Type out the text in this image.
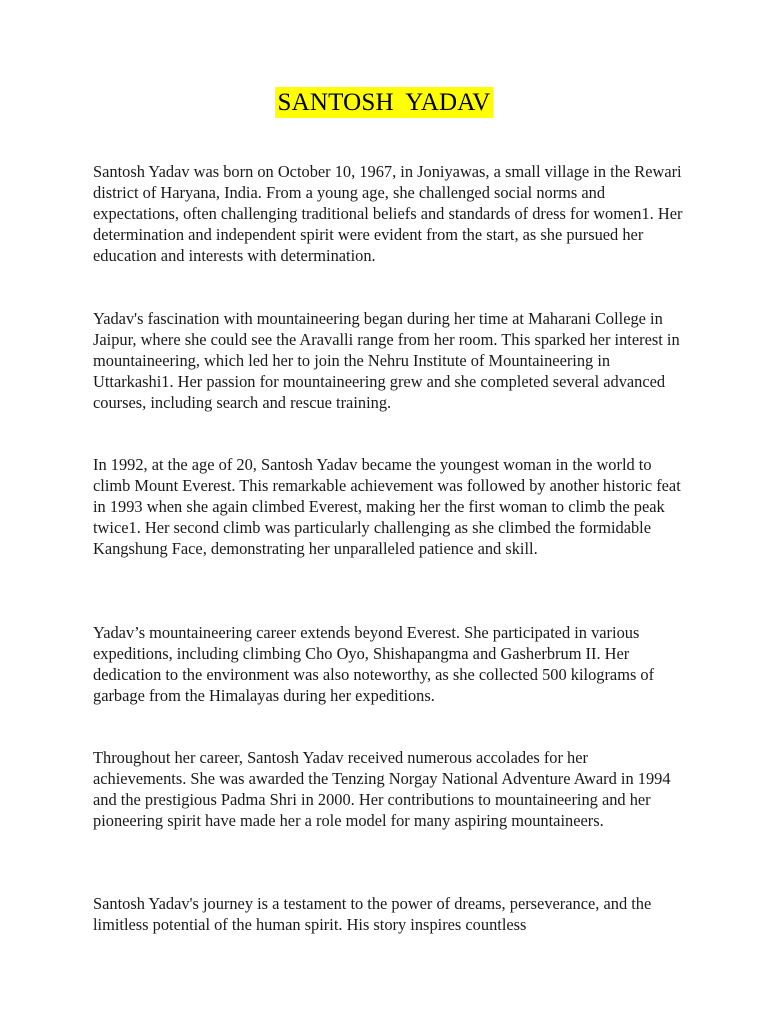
SANTOSH YADAV

Santosh Yadav was born on October 10, 1967, in Joniyawas, a small village in the Rewari district of Haryana, India. From a young age, she challenged social norms and expectations, often challenging traditional beliefs and standards of dress for women1. Her determination and independent spirit were evident from the start, as she pursued her education and interests with determination.

Yadav's fascination with mountaineering began during her time at Maharani College in Jaipur, where she could see the Aravalli range from her room. This sparked her interest in mountaineering, which led her to join the Nehru Institute of Mountaineering in Uttarkashi1. Her passion for mountaineering grew and she completed several advanced courses, including search and rescue training.

In 1992, at the age of 20, Santosh Yadav became the youngest woman in the world to climb Mount Everest. This remarkable achievement was followed by another historic feat in 1993 when she again climbed Everest, making her the first woman to climb the peak twice1. Her second climb was particularly challenging as she climbed the formidable Kangshung Face, demonstrating her unparalleled patience and skill.

Yadav’s mountaineering career extends beyond Everest. She participated in various expeditions, including climbing Cho Oyo, Shishapangma and Gasherbrum II. Her dedication to the environment was also noteworthy, as she collected 500 kilograms of garbage from the Himalayas during her expeditions.

Throughout her career, Santosh Yadav received numerous accolades for her achievements. She was awarded the Tenzing Norgay National Adventure Award in 1994 and the prestigious Padma Shri in 2000. Her contributions to mountaineering and her pioneering spirit have made her a role model for many aspiring mountaineers.

Santosh Yadav's journey is a testament to the power of dreams, perseverance, and the limitless potential of the human spirit. His story inspires countless
